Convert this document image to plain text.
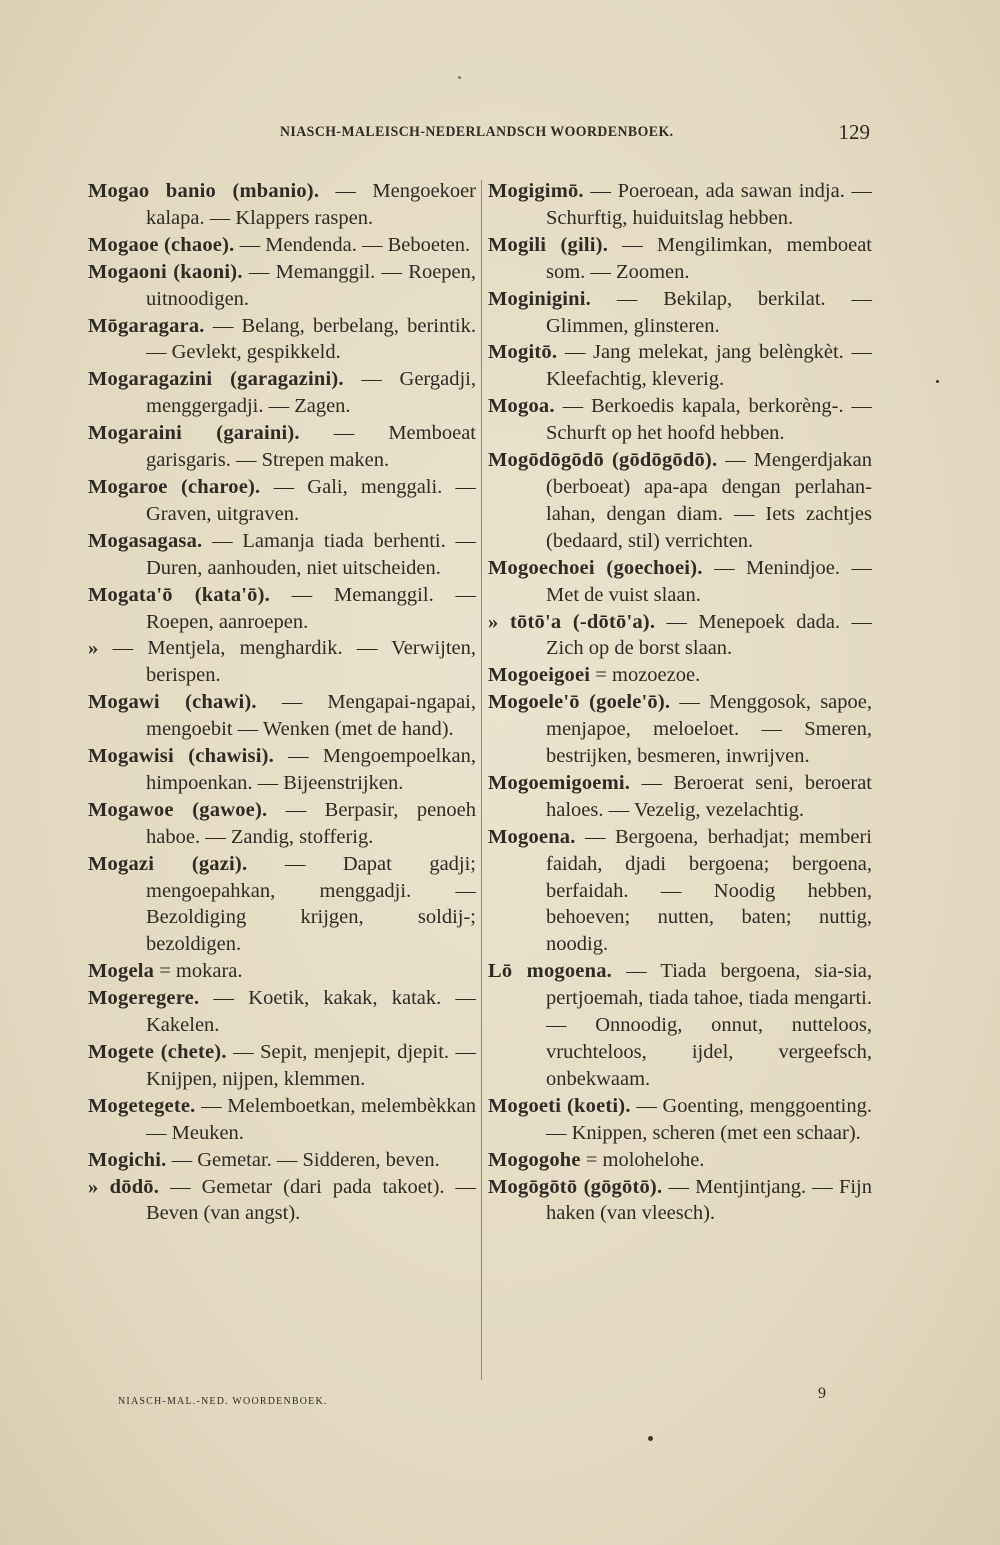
NIASCH-MALEISCH-NEDERLANDSCH WOORDENBOEK.	129

Mogao banio (mbanio). — Mengoekoer kalapa. — Klappers raspen.

Mogaoe (chaoe). — Mendenda. — Beboeten.

Mogaoni (kaoni). — Memanggil. — Roepen, uitnoodigen.

Mōgaragara. — Belang, berbelang, berintik. — Gevlekt, gespikkeld.

Mogaragazini (garagazini). — Gergadji, menggergadji. — Zagen.

Mogaraini (garaini). — Memboeat garisgaris. — Strepen maken.

Mogaroe (charoe). — Gali, menggali. — Graven, uitgraven.

Mogasagasa. — Lamanja tiada berhenti. — Duren, aanhouden, niet uitscheiden.

Mogata'ō (kata'ō). — Memanggil. — Roepen, aanroepen.

» — Mentjela, menghardik. — Verwijten, berispen.

Mogawi (chawi). — Mengapai-ngapai, mengoebit — Wenken (met de hand).

Mogawisi (chawisi). — Mengoempoelkan, himpoenkan. — Bijeenstrijken.

Mogawoe (gawoe). — Berpasir, penoeh haboe. — Zandig, stofferig.

Mogazi (gazi). — Dapat gadji; mengoepahkan, menggadji. — Bezoldiging krijgen, soldij-; bezoldigen.

Mogela = mokara.

Mogeregere. — Koetik, kakak, katak. — Kakelen.

Mogete (chete). — Sepit, menjepit, djepit. — Knijpen, nijpen, klemmen.

Mogetegete. — Melemboetkan, melembèkkan — Meuken.

Mogichi. — Gemetar. — Sidderen, beven.

» dōdō. — Gemetar (dari pada takoet). — Beven (van angst).

Mogigimō. — Poeroean, ada sawan indja. — Schurftig, huiduitslag hebben.

Mogili (gili). — Mengilimkan, memboeat som. — Zoomen.

Moginigini. — Bekilap, berkilat. — Glimmen, glinsteren.

Mogitō. — Jang melekat, jang belèngkèt. — Kleefachtig, kleverig.

Mogoa. — Berkoedis kapala, berkorèng-. — Schurft op het hoofd hebben.

Mogōdōgōdō (gōdōgōdō). — Mengerdjakan (berboeat) apa-apa dengan perlahan-lahan, dengan diam. — Iets zachtjes (bedaard, stil) verrichten.

Mogoechoei (goechoei). — Menindjoe. — Met de vuist slaan.

» tōtō'a (-dōtō'a). — Menepoek dada. — Zich op de borst slaan.

Mogoeigoei = mozoezoe.

Mogoele'ō (goele'ō). — Menggosok, sapoe, menjapoe, meloeloet. — Smeren, bestrijken, besmeren, inwrijven.

Mogoemigoemi. — Beroerat seni, beroerat haloes. — Vezelig, vezelachtig.

Mogoena. — Bergoena, berhadjat; memberi faidah, djadi bergoena; bergoena, berfaidah. — Noodig hebben, behoeven; nutten, baten; nuttig, noodig.

Lō mogoena. — Tiada bergoena, sia-sia, pertjoemah, tiada tahoe, tiada mengarti. — Onnoodig, onnut, nutteloos, vruchteloos, ijdel, vergeefsch, onbekwaam.

Mogoeti (koeti). — Goenting, menggoenting. — Knippen, scheren (met een schaar).

Mogogohe = molohelohe.

Mogōgōtō (gōgōtō). — Mentjintjang. — Fijn haken (van vleesch).

NIASCH-MAL.-NED. WOORDENBOEK.	9
